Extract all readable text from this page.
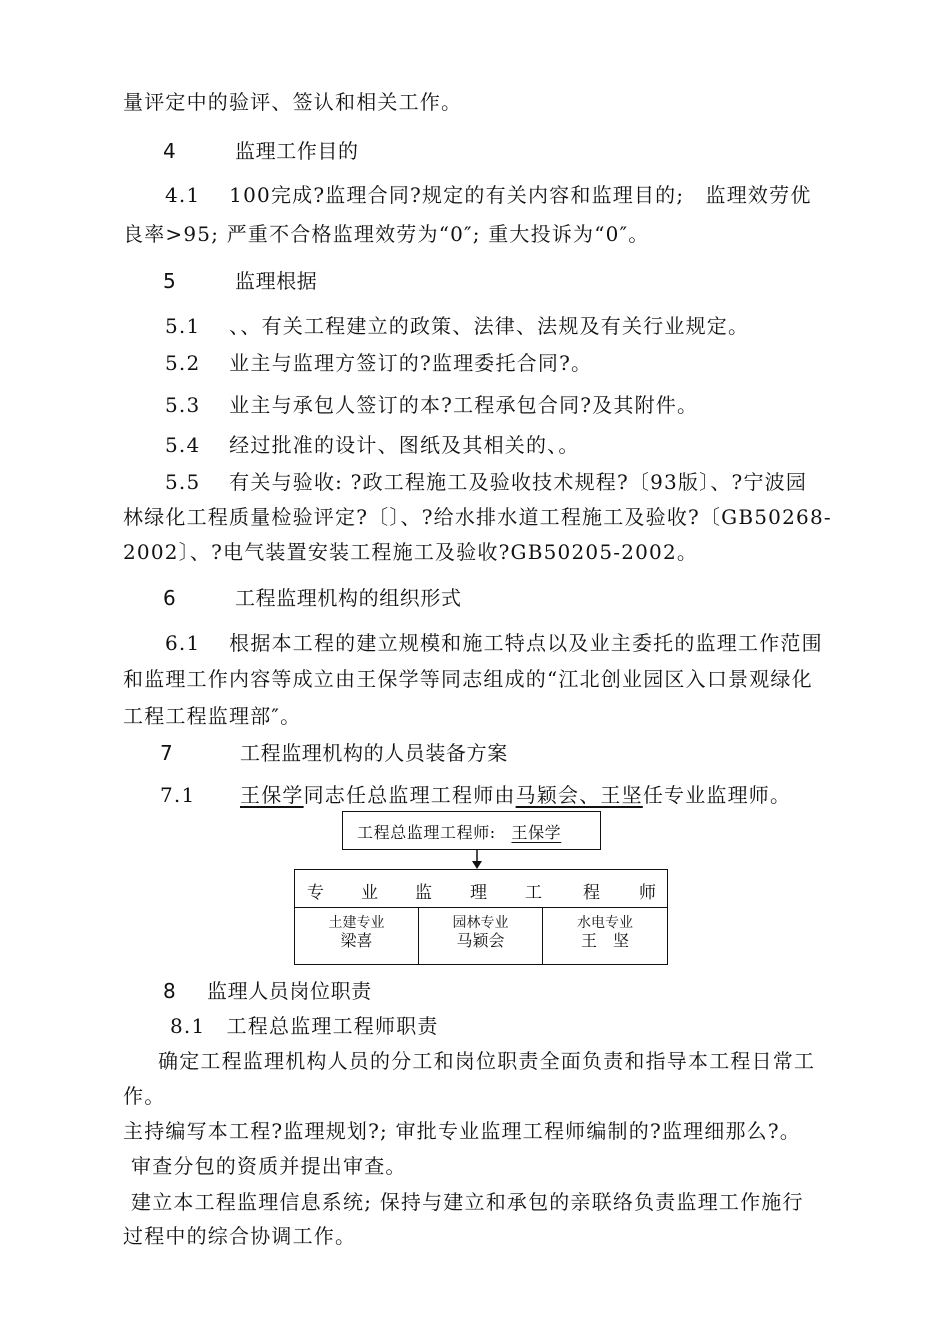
量评定中的验评、签认和相关工作。
4	监理工作目的
4.1　 100完成?监理合同?规定的有关内容和监理目的;　监理效劳优
良率>95; 严重不合格监理效劳为“0″; 重大投诉为“0″。
5	监理根据
5.1　 、、有关工程建立的政策、法律、法规及有关行业规定。
5.2　 业主与监理方签订的?监理委托合同?。
5.3　 业主与承包人签订的本?工程承包合同?及其附件。
5.4　 经过批准的设计、图纸及其相关的、。
5.5　 有关与验收: ?政工程施工及验收技术规程?〔93版〕、?宁波园
林绿化工程质量检验评定?〔〕、?给水排水道工程施工及验收?〔GB50268-
2002〕、?电气装置安装工程施工及验收?GB50205-2002。
6	工程监理机构的组织形式
6.1　 根据本工程的建立规模和施工特点以及业主委托的监理工作范围
和监理工作内容等成立由王保学等同志组成的“江北创业园区入口景观绿化
工程工程监理部″。
7	工程监理机构的人员装备方案
7.1 王保学同志任总监理工程师由马颖会、王坚任专业监理师。
工程总监理工程师: 王保学
专 业 监 理 工 程 师
土建专业
梁喜
园林专业
马颖会
水电专业
王　坚
8 监理人员岗位职责
8.1　工程总监理工程师职责
确定工程监理机构人员的分工和岗位职责全面负责和指导本工程日常工
作。
主持编写本工程?监理规划?; 审批专业监理工程师编制的?监理细那么?。
审查分包的资质并提出审查。
建立本工程监理信息系统; 保持与建立和承包的亲联络负责监理工作施行
过程中的综合协调工作。
